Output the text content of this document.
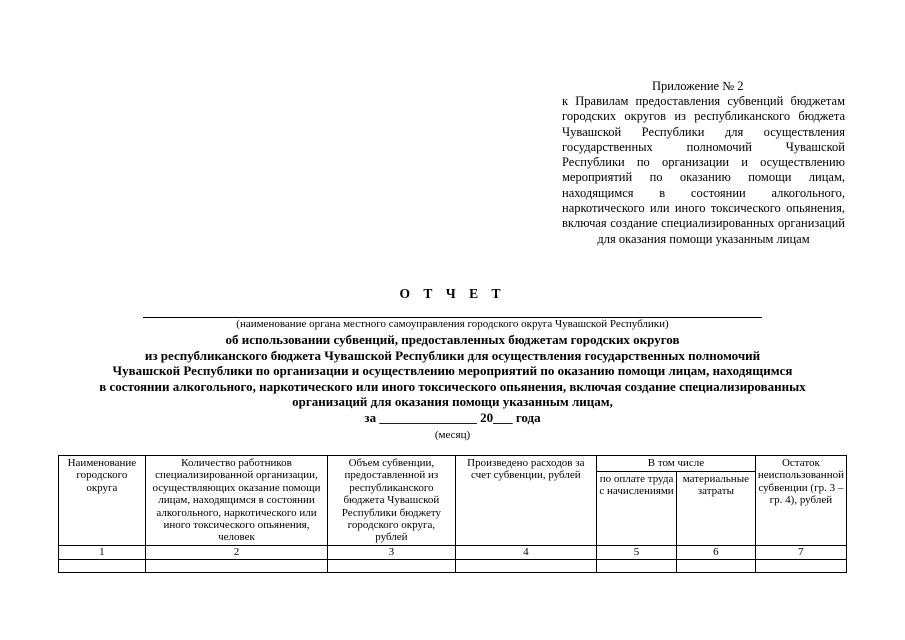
Приложение № 2
к Правилам предоставления субвенций бюджетам городских округов из республиканского бюджета Чувашской Республики для осуществления государственных полномочий Чувашской Республики по организации и осуществлению мероприятий по оказанию помощи лицам, находящимся в состоянии алкогольного, наркотического или иного токсического опьянения, включая создание специализированных организаций для оказания помощи указанным лицам
О Т Ч Е Т
(наименование органа местного самоуправления городского округа Чувашской Республики)
об использовании субвенций, предоставленных бюджетам городских округов
из республиканского бюджета Чувашской Республики для осуществления государственных полномочий
Чувашской Республики по организации и осуществлению мероприятий по оказанию помощи лицам, находящимся
в состоянии алкогольного, наркотического или иного токсического опьянения, включая создание специализированных
организаций для оказания помощи указанным лицам,
за _______________ 20___ года
(месяц)
Наименование городского округа	Количество работников специализированной организации, осуществляющих оказание помощи лицам, находящимся в состоянии алкогольного, наркотического или иного токсического опьянения, человек	Объем субвенции, предоставленной из республиканского бюджета Чувашской Республики бюджету городского округа, рублей	Произведено расходов за счет субвенции, рублей	В том числе		Остаток неиспользованной субвенции (гр. 3 – гр. 4), рублей
				по оплате труда с начислениями	материальные затраты	
1	2	3	4	5	6	7
